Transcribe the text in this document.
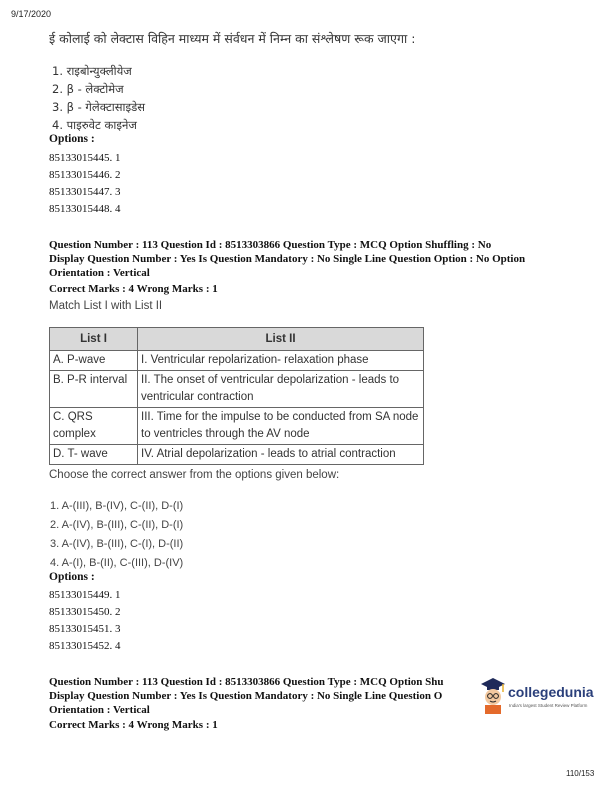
9/17/2020
ई कोलाई को लेक्टास विहिन माध्यम में संर्वधन में निम्न का संश्लेषण रूक जाएगा :
1. राइबोन्युक्लीयेज
2. β - लेक्टोमेज
3. β - गेलेक्टासाइडेस
4. पाइरुवेट काइनेज
Options :
85133015445. 1
85133015446. 2
85133015447. 3
85133015448. 4
Question Number : 113 Question Id : 8513303866 Question Type : MCQ Option Shuffling : No
Display Question Number : Yes Is Question Mandatory : No Single Line Question Option : No Option
Orientation : Vertical
Correct Marks : 4 Wrong Marks : 1
Match List I with List II
List I	List II
A. P-wave	I. Ventricular repolarization- relaxation phase
B. P-R interval	II. The onset of ventricular depolarization - leads to ventricular contraction
C. QRS complex	III. Time for the impulse to be conducted from SA node to ventricles through the AV node
D. T- wave	IV. Atrial depolarization - leads to atrial contraction
Choose the correct answer from the options given below:
1. A-(III), B-(IV), C-(II), D-(I)
2. A-(IV), B-(III), C-(II), D-(I)
3. A-(IV), B-(III), C-(I), D-(II)
4. A-(I), B-(II), C-(III), D-(IV)
Options :
85133015449. 1
85133015450. 2
85133015451. 3
85133015452. 4
Question Number : 113 Question Id : 8513303866 Question Type : MCQ Option Shu
Display Question Number : Yes Is Question Mandatory : No Single Line Question O
Orientation : Vertical
Correct Marks : 4 Wrong Marks : 1
collegedunia
India's largest Student Review Platform
110/153
